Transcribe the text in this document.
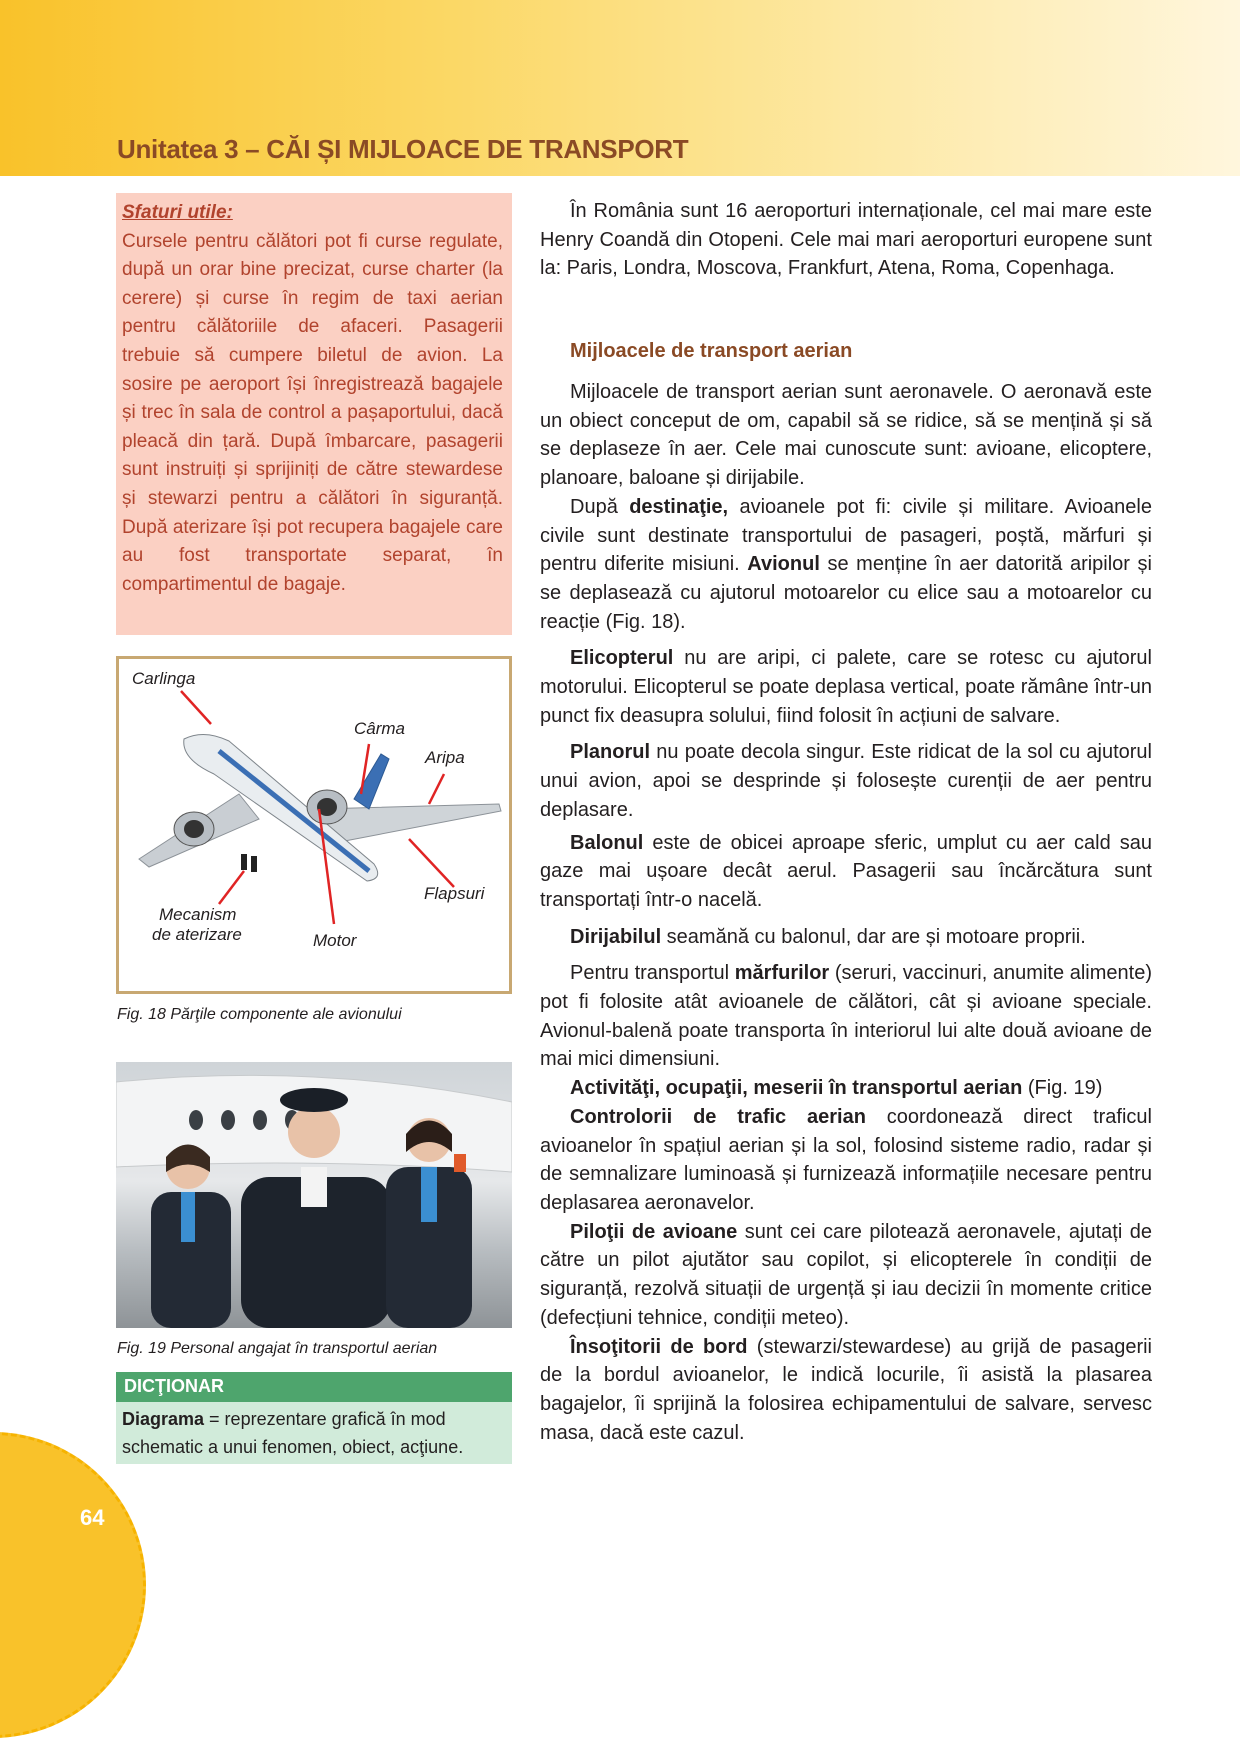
Unitatea 3 – CĂI ȘI MIJLOACE DE TRANSPORT
Sfaturi utile:
Cursele pentru călători pot fi curse regulate, după un orar bine precizat, curse charter (la cerere) și curse în regim de taxi aerian pentru călătoriile de afaceri. Pasagerii trebuie să cumpere biletul de avion. La sosire pe aeroport își înregistrează bagajele și trec în sala de control a pașaportului, dacă pleacă din țară. După îmbarcare, pasagerii sunt instruiți și sprijiniți de către stewardese și stewarzi pentru a călători în siguranță. După aterizare își pot recupera bagajele care au fost transportate separat, în compartimentul de bagaje.
Carlinga
Cârma
Aripa
Flapsuri
Mecanism
de aterizare	Motor
Fig. 18 Părţile componente ale avionului
Fig. 19 Personal angajat în transportul aerian
DICŢIONAR
Diagrama = reprezentare grafică în mod schematic a unui fenomen, obiect, acţiune.

În România sunt 16 aeroporturi internaționale, cel mai mare este Henry Coandă din Otopeni. Cele mai mari aeroporturi europene sunt la: Paris, Londra, Moscova, Frankfurt, Atena, Roma, Copenhaga.

Mijloacele de transport aerian

Mijloacele de transport aerian sunt aeronavele. O aeronavă este un obiect conceput de om, capabil să se ridice, să se mențină și să se deplaseze în aer. Cele mai cunoscute sunt: avioane, elicoptere, planoare, baloane și dirijabile.

După destinaţie, avioanele pot fi: civile și militare. Avioanele civile sunt destinate transportului de pasageri, poștă, mărfuri și pentru diferite misiuni. Avionul se menține în aer datorită aripilor și se deplasează cu ajutorul motoarelor cu elice sau a motoarelor cu reacție (Fig. 18).

Elicopterul nu are aripi, ci palete, care se rotesc cu ajutorul motorului. Elicopterul se poate deplasa vertical, poate rămâne într-un punct fix deasupra solului, fiind folosit în acțiuni de salvare.

Planorul nu poate decola singur. Este ridicat de la sol cu ajutorul unui avion, apoi se desprinde și folosește curenții de aer pentru deplasare.

Balonul este de obicei aproape sferic, umplut cu aer cald sau gaze mai ușoare decât aerul. Pasagerii sau încărcătura sunt transportați într-o nacelă.

Dirijabilul seamănă cu balonul, dar are și motoare proprii.

Pentru transportul mărfurilor (seruri, vaccinuri, anumite alimente) pot fi folosite atât avioanele de călători, cât și avioane speciale. Avionul-balenă poate transporta în interiorul lui alte două avioane de mai mici dimensiuni.

Activităţi, ocupaţii, meserii în transportul aerian (Fig. 19)

Controlorii de trafic aerian coordonează direct traficul avioanelor în spațiul aerian și la sol, folosind sisteme radio, radar și de semnalizare luminoasă și furnizează informațiile necesare pentru deplasarea aeronavelor.

Piloţii de avioane sunt cei care pilotează aeronavele, ajutați de către un pilot ajutător sau copilot, și elicopterele în condiții de siguranță, rezolvă situații de urgență și iau decizii în momente critice (defecțiuni tehnice, condiții meteo).

Însoţitorii de bord (stewarzi/stewardese) au grijă de pasagerii de la bordul avioanelor, le indică locurile, îi asistă la plasarea bagajelor, îi sprijină la folosirea echipamentului de salvare, servesc masa, dacă este cazul.

64
